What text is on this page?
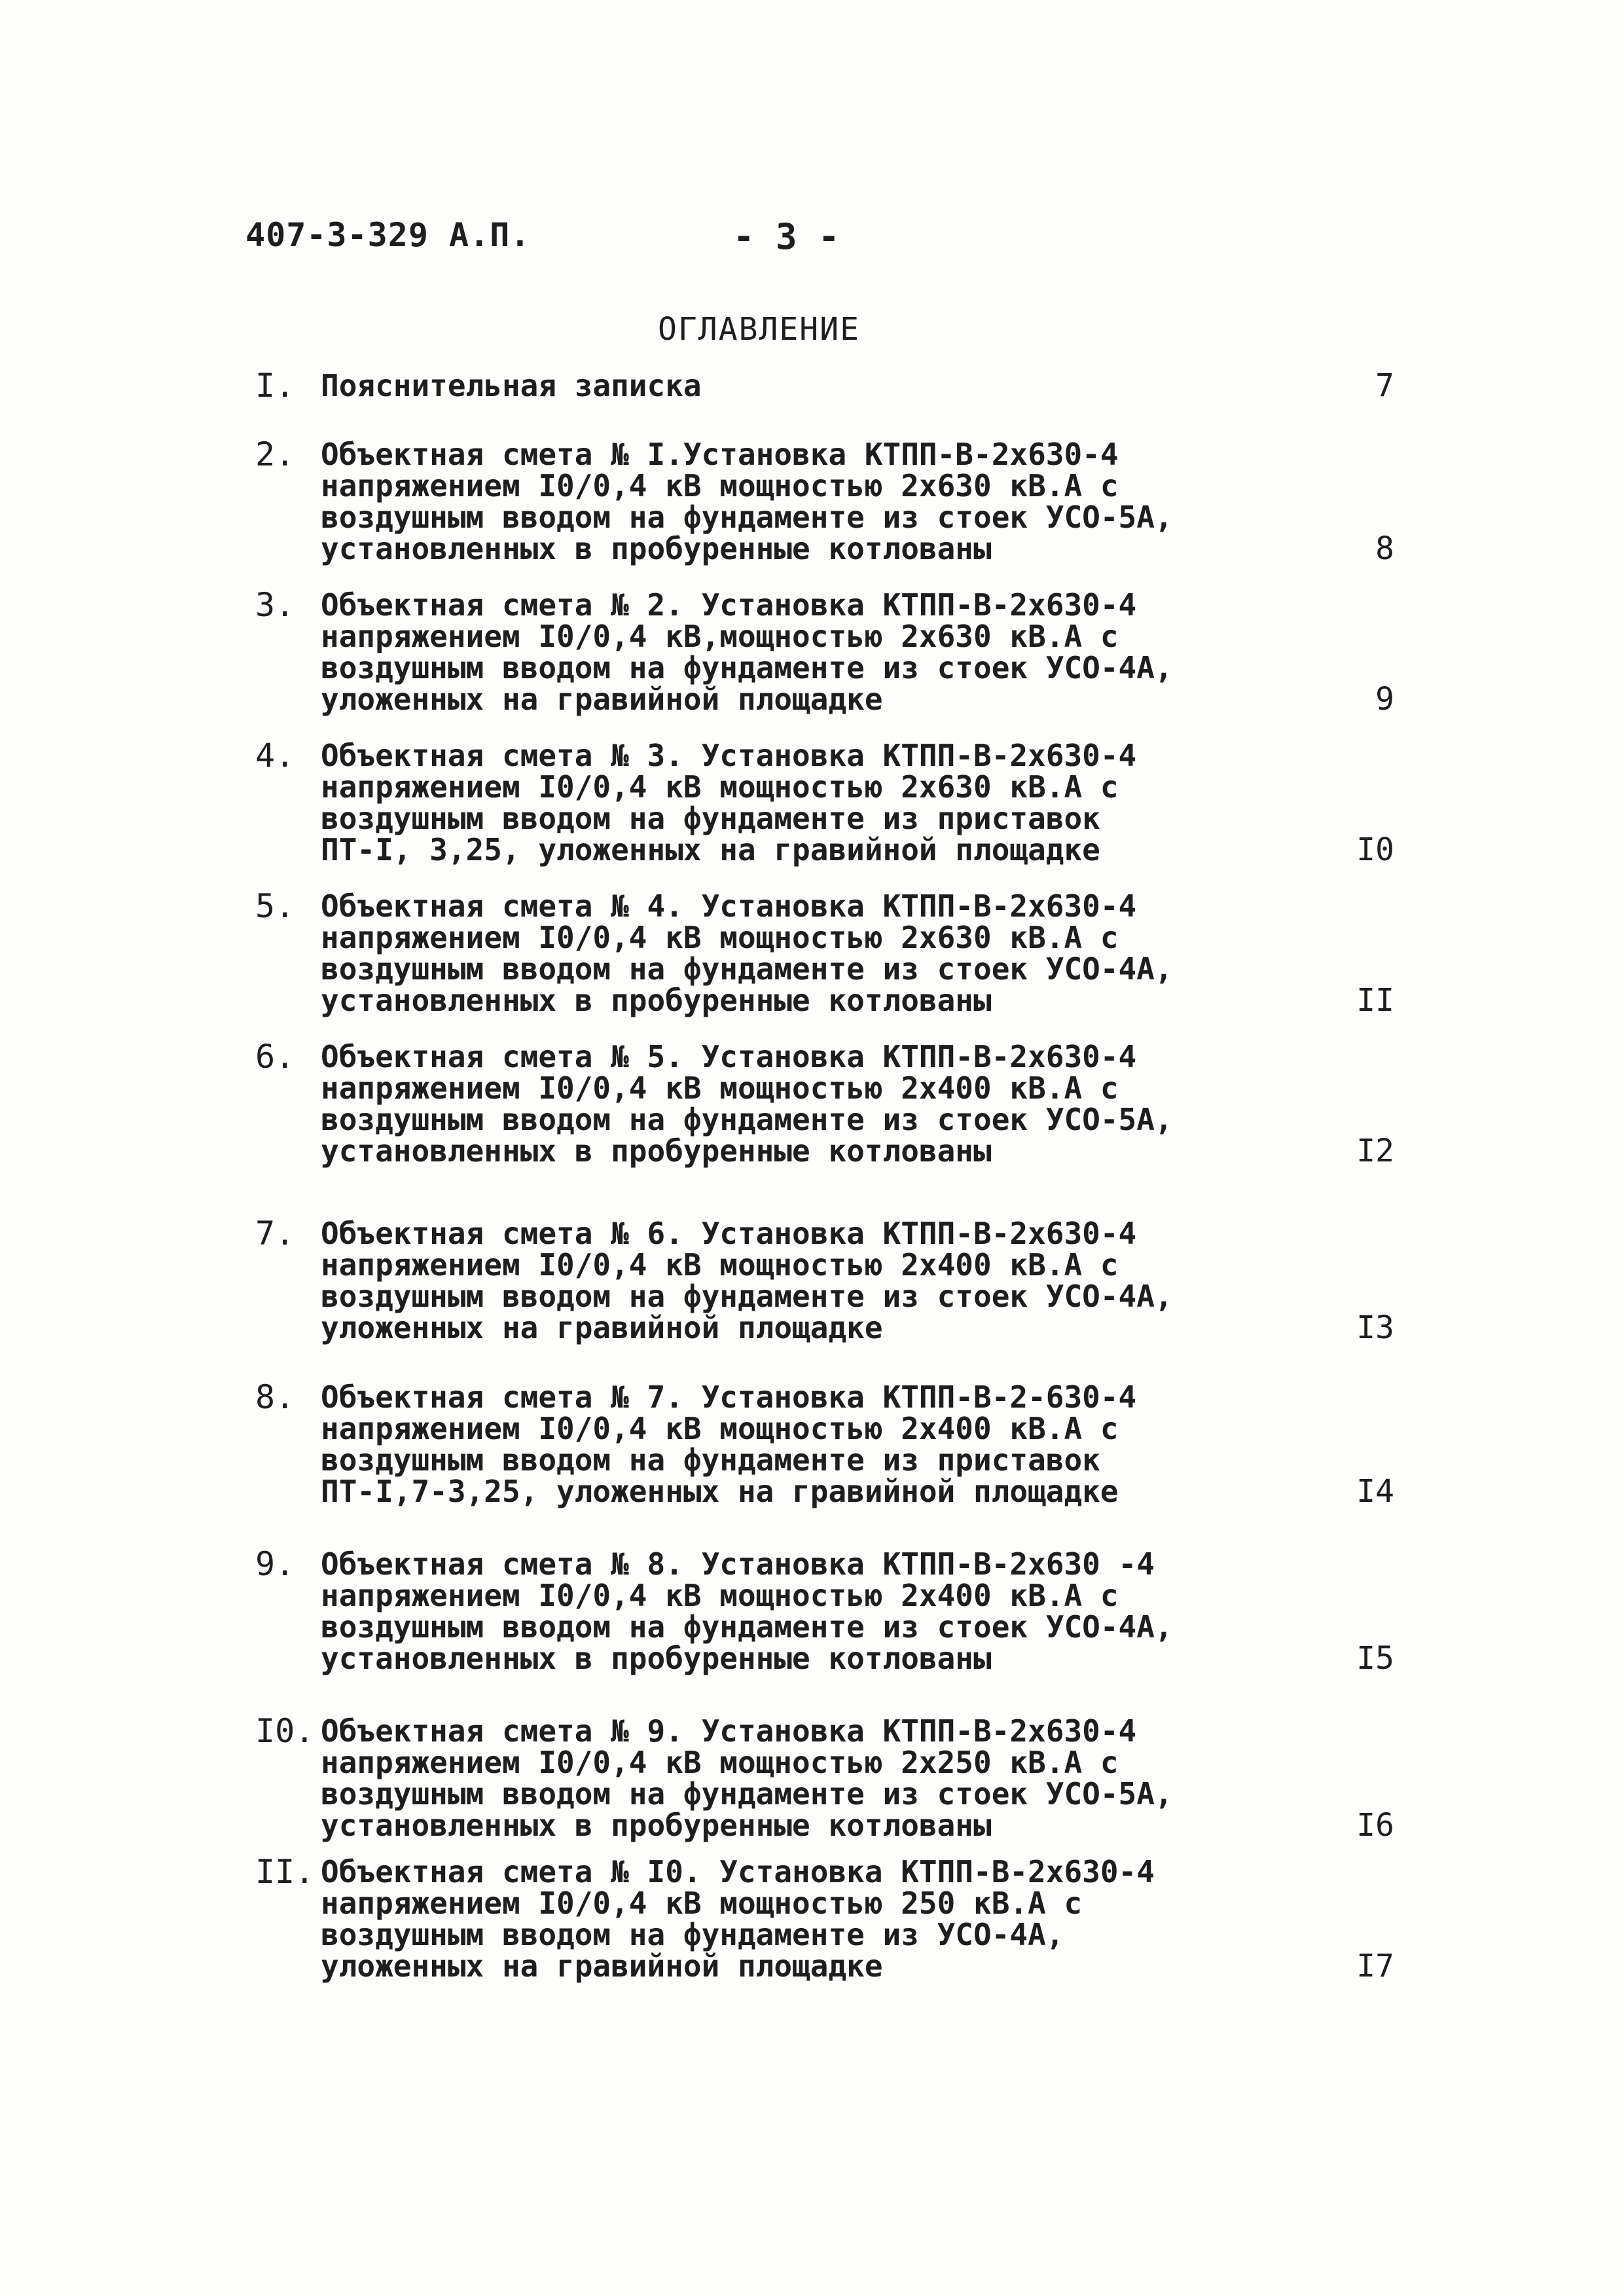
407-3-329 А.П.	- 3 -
ОГЛАВЛЕНИЕ
I. Пояснительная записка	7
2. Объектная смета № I.Установка КТПП-В-2х630-4
напряжением I0/0,4 кВ мощностью 2х630 кВ.А с
воздушным вводом на фундаменте из стоек УСО-5А,
установленных в пробуренные котлованы	8
3. Объектная смета № 2. Установка КТПП-В-2х630-4
напряжением I0/0,4 кВ,мощностью 2х630 кВ.А с
воздушным вводом на фундаменте из стоек УСО-4А,
уложенных на гравийной площадке	9
4. Объектная смета № 3. Установка КТПП-В-2х630-4
напряжением I0/0,4 кВ мощностью 2х630 кВ.А с
воздушным вводом на фундаменте из приставок
ПТ-I, 3,25, уложенных на гравийной площадке	I0
5. Объектная смета № 4. Установка КТПП-В-2х630-4
напряжением I0/0,4 кВ мощностью 2х630 кВ.А с
воздушным вводом на фундаменте из стоек УСО-4А,
установленных в пробуренные котлованы	II
6. Объектная смета № 5. Установка КТПП-В-2х630-4
напряжением I0/0,4 кВ мощностью 2х400 кВ.А с
воздушным вводом на фундаменте из стоек УСО-5А,
установленных в пробуренные котлованы	I2
7. Объектная смета № 6. Установка КТПП-В-2х630-4
напряжением I0/0,4 кВ мощностью 2х400 кВ.А с
воздушным вводом на фундаменте из стоек УСО-4А,
уложенных на гравийной площадке	I3
8. Объектная смета № 7. Установка КТПП-В-2-630-4
напряжением I0/0,4 кВ мощностью 2х400 кВ.А с
воздушным вводом на фундаменте из приставок
ПТ-I,7-3,25, уложенных на гравийной площадке	I4
9. Объектная смета № 8. Установка КТПП-В-2х630 -4
напряжением I0/0,4 кВ мощностью 2х400 кВ.А с
воздушным вводом на фундаменте из стоек УСО-4А,
установленных в пробуренные котлованы	I5
I0. Объектная смета № 9. Установка КТПП-В-2х630-4
напряжением I0/0,4 кВ мощностью 2х250 кВ.А с
воздушным вводом на фундаменте из стоек УСО-5А,
установленных в пробуренные котлованы	I6
II. Объектная смета № I0. Установка КТПП-В-2х630-4
напряжением I0/0,4 кВ мощностью 250 кВ.А с
воздушным вводом на фундаменте из УСО-4А,
уложенных на гравийной площадке	I7
